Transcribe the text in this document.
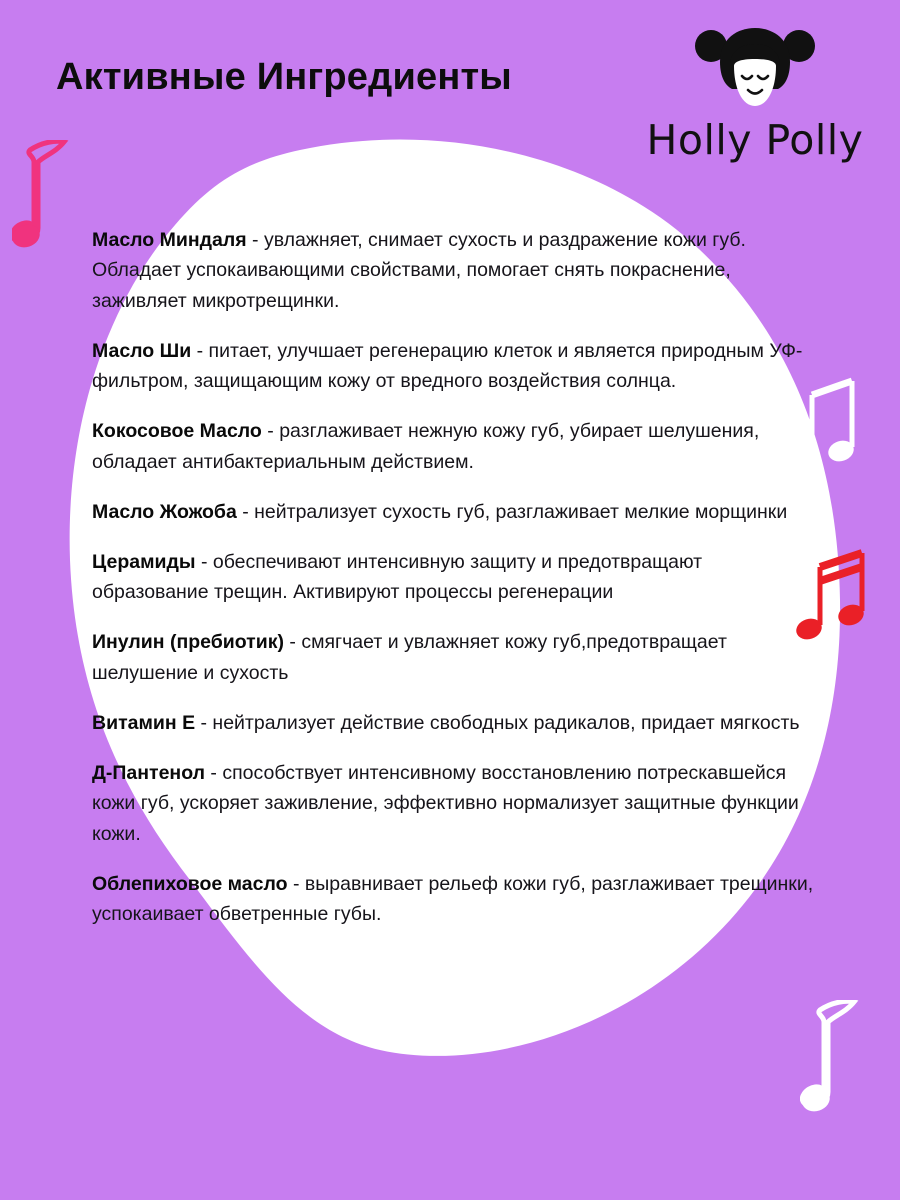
Активные Ингредиенты
Holly Polly

Масло Миндаля - увлажняет, снимает сухость и раздражение кожи губ. Обладает успокаивающими свойствами, помогает снять покраснение, заживляет микротрещинки.

Масло Ши - питает, улучшает регенерацию клеток и является природным УФ-фильтром, защищающим кожу от вредного воздействия солнца.

Кокосовое Масло - разглаживает нежную кожу губ, убирает шелушения, обладает антибактериальным действием.

Масло Жожоба - нейтрализует сухость губ, разглаживает мелкие морщинки

Церамиды - обеспечивают интенсивную защиту и предотвращают образование трещин. Активируют процессы регенерации

Инулин (пребиотик) - смягчает и увлажняет кожу губ,предотвращает шелушение и сухость

Витамин Е - нейтрализует действие свободных радикалов, придает мягкость

Д-Пантенол - способствует интенсивному восстановлению потрескавшейся кожи губ, ускоряет заживление, эффективно нормализует защитные функции кожи.

Облепиховое масло - выравнивает рельеф кожи губ, разглаживает трещинки, успокаивает обветренные губы.
